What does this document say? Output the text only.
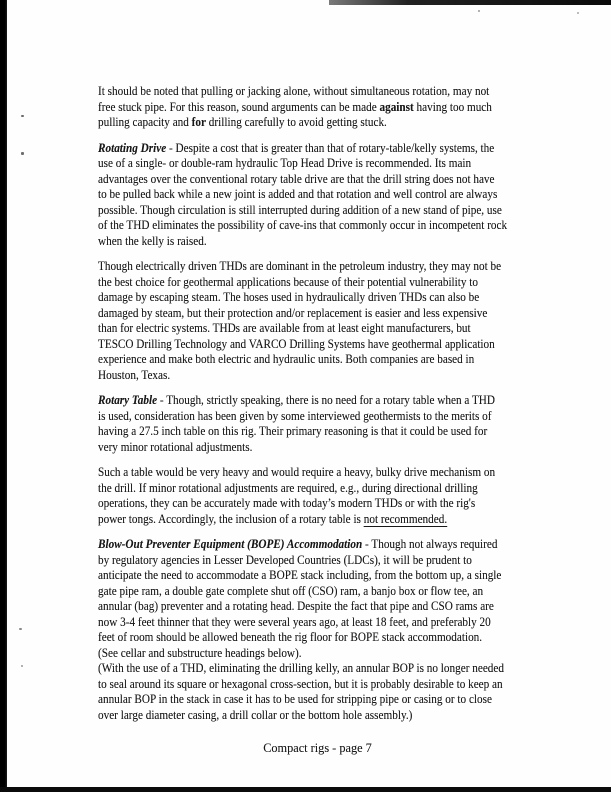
It should be noted that pulling or jacking alone, without simultaneous rotation, may not
free stuck pipe. For this reason, sound arguments can be made against having too much
pulling capacity and for drilling carefully to avoid getting stuck.
Rotating Drive - Despite a cost that is greater than that of rotary-table/kelly systems, the
use of a single- or double-ram hydraulic Top Head Drive is recommended. Its main
advantages over the conventional rotary table drive are that the drill string does not have
to be pulled back while a new joint is added and that rotation and well control are always
possible. Though circulation is still interrupted during addition of a new stand of pipe, use
of the THD eliminates the possibility of cave-ins that commonly occur in incompetent rock
when the kelly is raised.
Though electrically driven THDs are dominant in the petroleum industry, they may not be
the best choice for geothermal applications because of their potential vulnerability to
damage by escaping steam. The hoses used in hydraulically driven THDs can also be
damaged by steam, but their protection and/or replacement is easier and less expensive
than for electric systems. THDs are available from at least eight manufacturers, but
TESCO Drilling Technology and VARCO Drilling Systems have geothermal application
experience and make both electric and hydraulic units. Both companies are based in
Houston, Texas.
Rotary Table - Though, strictly speaking, there is no need for a rotary table when a THD
is used, consideration has been given by some interviewed geothermists to the merits of
having a 27.5 inch table on this rig. Their primary reasoning is that it could be used for
very minor rotational adjustments.
Such a table would be very heavy and would require a heavy, bulky drive mechanism on
the drill. If minor rotational adjustments are required, e.g., during directional drilling
operations, they can be accurately made with today’s modern THDs or with the rig's
power tongs. Accordingly, the inclusion of a rotary table is not recommended.
Blow-Out Preventer Equipment (BOPE) Accommodation - Though not always required
by regulatory agencies in Lesser Developed Countries (LDCs), it will be prudent to
anticipate the need to accommodate a BOPE stack including, from the bottom up, a single
gate pipe ram, a double gate complete shut off (CSO) ram, a banjo box or flow tee, an
annular (bag) preventer and a rotating head. Despite the fact that pipe and CSO rams are
now 3-4 feet thinner that they were several years ago, at least 18 feet, and preferably 20
feet of room should be allowed beneath the rig floor for BOPE stack accommodation.
(See cellar and substructure headings below).
(With the use of a THD, eliminating the drilling kelly, an annular BOP is no longer needed
to seal around its square or hexagonal cross-section, but it is probably desirable to keep an
annular BOP in the stack in case it has to be used for stripping pipe or casing or to close
over large diameter casing, a drill collar or the bottom hole assembly.)
Compact rigs - page 7
